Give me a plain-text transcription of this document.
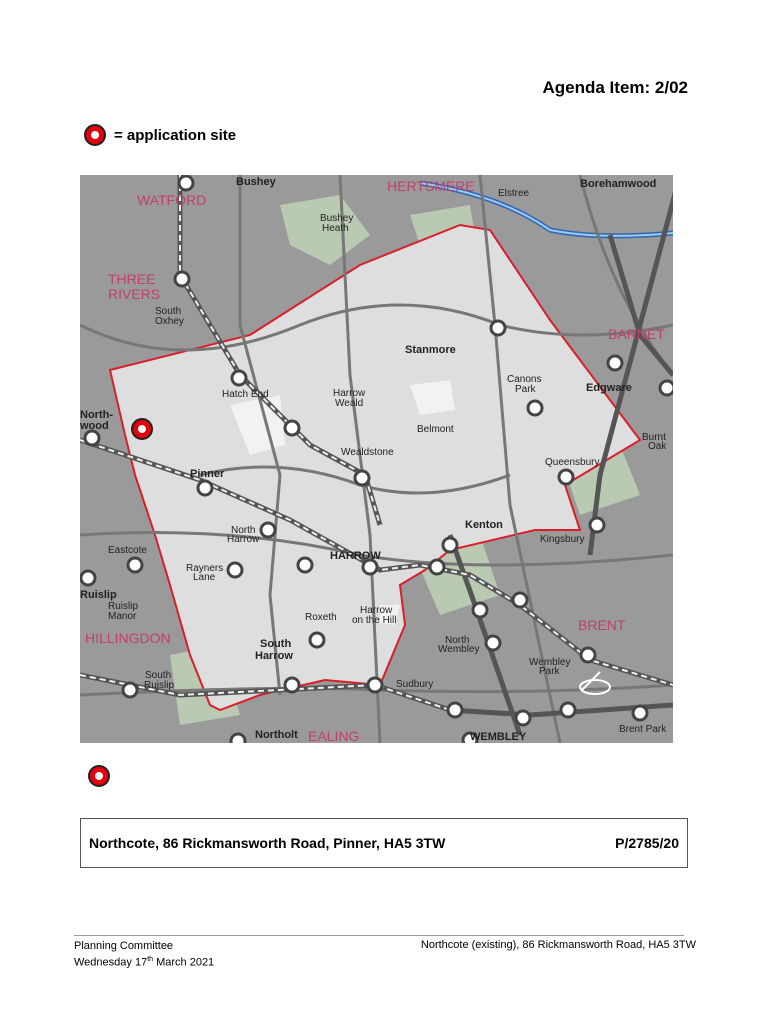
Agenda Item: 2/02
= application site
Bushey	HERTSMERE Elstree
Borehamwood
WATFORD
Bushey
Heath
THREE
RIVERS
South
Oxhey
BARNET
Stanmore
Canons
Park	Edgware
Hatch End	Harrow
Weald
North-
wood	Belmont
Burnt
Oak
Wealdstone
Queensbury
Pinner
North
Harrow
Kenton
Kingsbury
Eastcote	HARROW
Rayners
Lane
Ruislip
Ruislip
Manor	Roxeth
Harrow
on the Hill	BRENT
HILLINGDON	South
Harrow
North
Wembley
Wembley
Park
South
Ruislip	Sudbury
Brent Park
Northolt EALING	WEMBLEY
Northcote, 86 Rickmansworth Road, Pinner, HA5 3TW	P/2785/20
Planning Committee
Wednesday 17th March 2021
Northcote (existing), 86 Rickmansworth Road, HA5 3TW
